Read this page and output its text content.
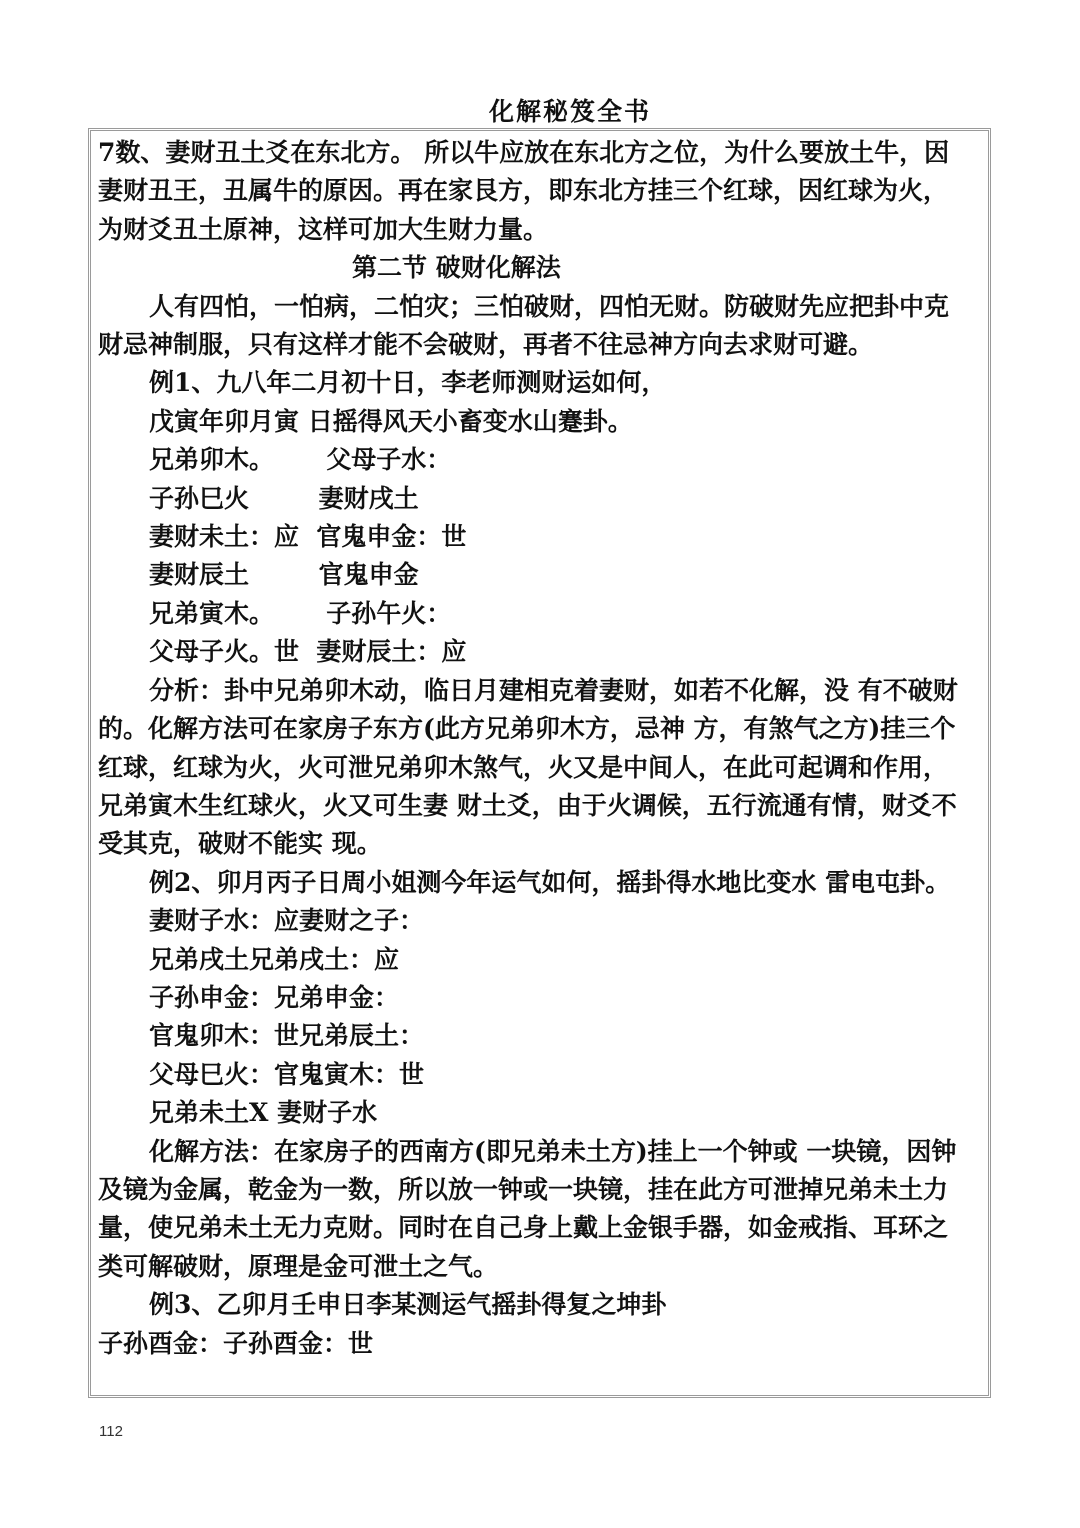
化解秘笈全书

7数、妻财丑土爻在东北方。 所以牛应放在东北方之位，为什么要放土牛，因

妻财丑王，丑属牛的原因。再在家艮方，即东北方挂三个红球，因红球为火，

为财爻丑土原神，这样可加大生财力量。

第二节 破财化解法

人有四怕，一怕病，二怕灾；三怕破财，四怕无财。防破财先应把卦中克

财忌神制服，只有这样才能不会破财，再者不往忌神方向去求财可避。

例1、九八年二月初十日，李老师测财运如何，

戊寅年卯月寅 日摇得风天小畜变水山蹇卦。

兄弟卯木。      父母子水：

子孙巳火        妻财戌土

妻财未土：应  官鬼申金：世

妻财辰土        官鬼申金

兄弟寅木。      子孙午火：

父母子火。世  妻财辰土：应

分析：卦中兄弟卯木动，临日月建相克着妻财，如若不化解，没 有不破财

的。化解方法可在家房子东方(此方兄弟卯木方，忌神 方，有煞气之方)挂三个

红球，红球为火，火可泄兄弟卯木煞气，火又是中间人，在此可起调和作用，

兄弟寅木生红球火，火又可生妻 财土爻，由于火调候，五行流通有情，财爻不

受其克，破财不能实 现。

例2、卯月丙子日周小姐测今年运气如何，摇卦得水地比变水 雷电屯卦。

妻财子水：应妻财之子：

兄弟戌土兄弟戌土：应

子孙申金：兄弟申金：

官鬼卯木：世兄弟辰土：

父母巳火：官鬼寅木：世

兄弟未土X 妻财子水

化解方法：在家房子的西南方(即兄弟未土方)挂上一个钟或 一块镜，因钟

及镜为金属，乾金为一数，所以放一钟或一块镜，挂在此方可泄掉兄弟未土力

量，使兄弟未土无力克财。同时在自己身上戴上金银手器，如金戒指、耳环之

类可解破财，原理是金可泄土之气。

例3、乙卯月壬申日李某测运气摇卦得复之坤卦

子孙酉金：子孙酉金：世

112
